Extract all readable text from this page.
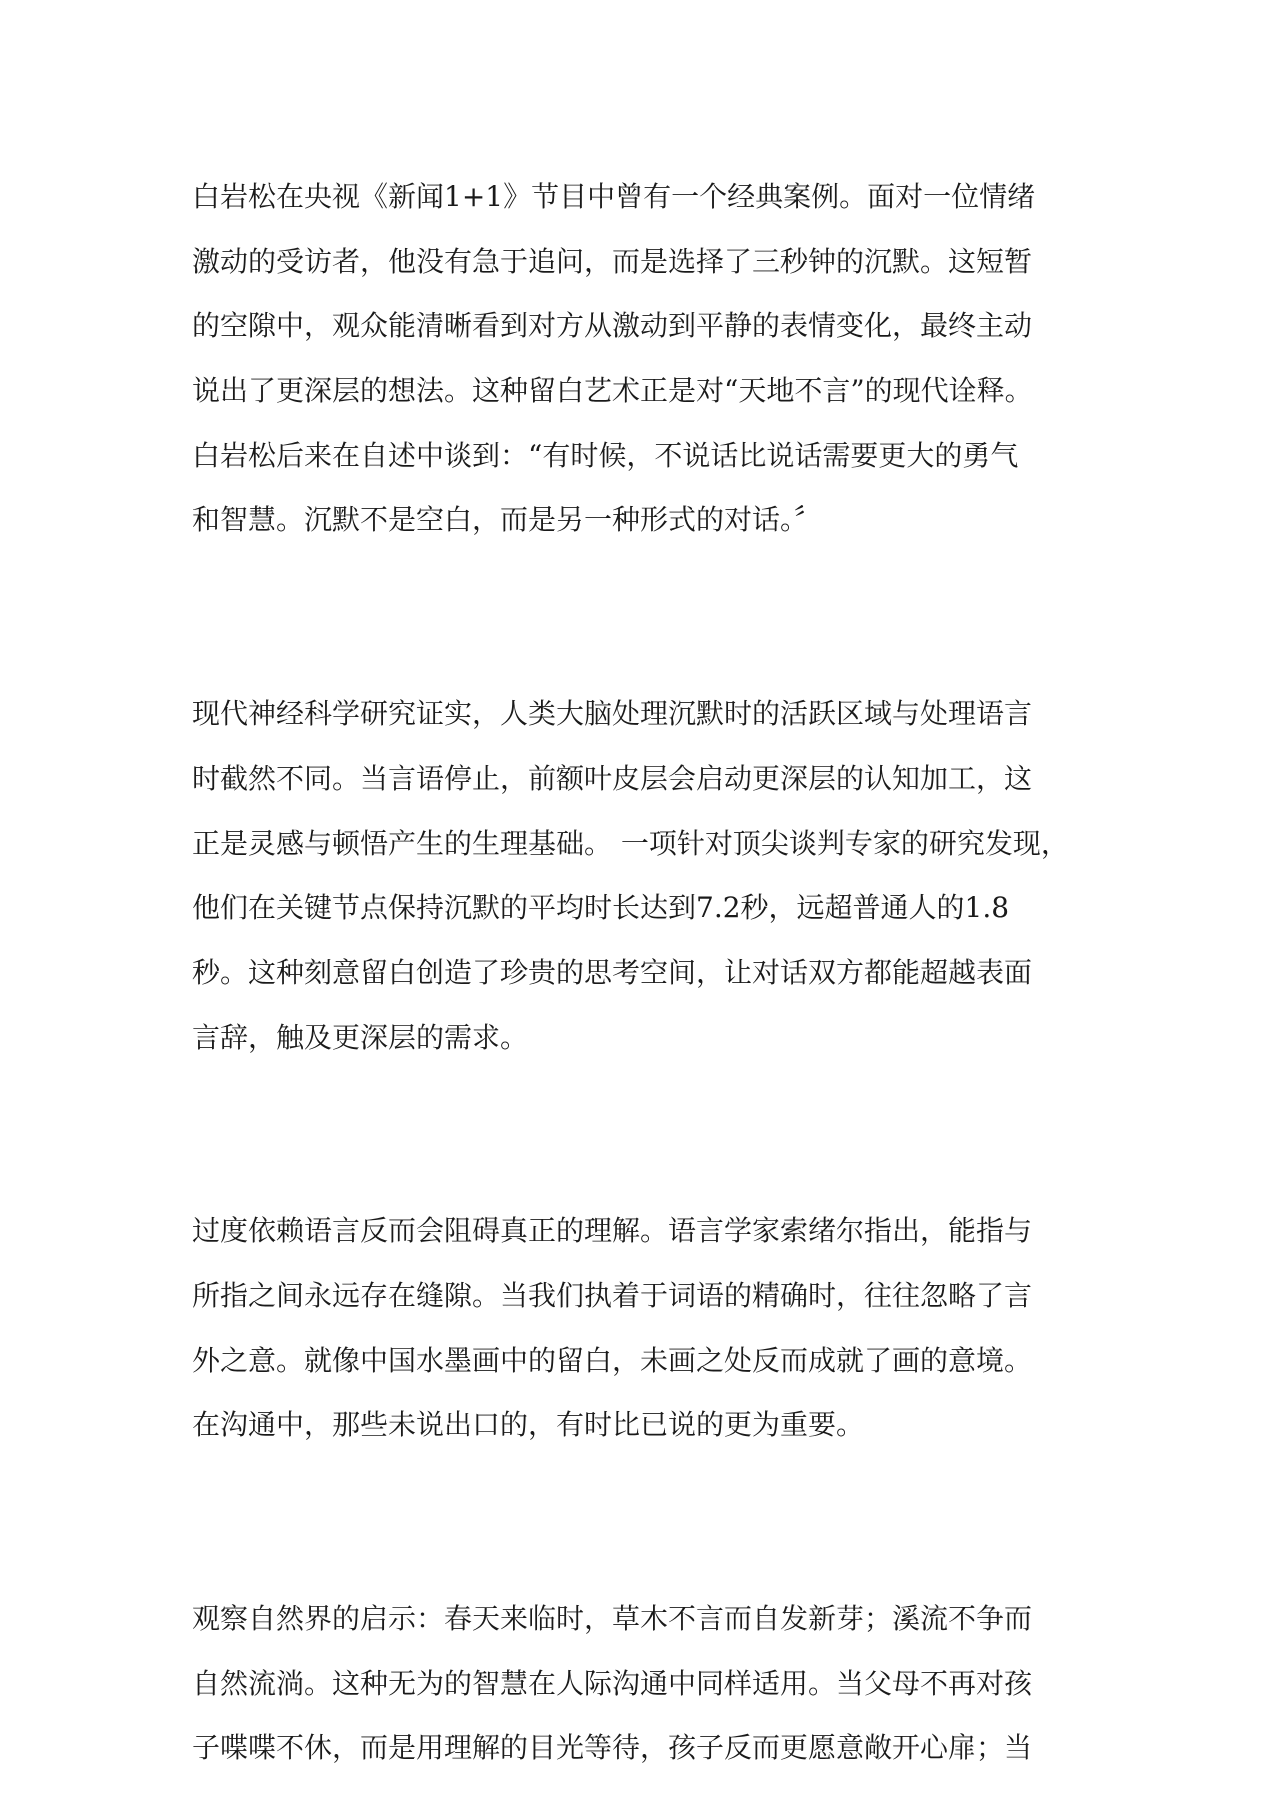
白岩松在央视《新闻1+1》节目中曾有一个经典案例。面对一位情绪
激动的受访者，他没有急于追问，而是选择了三秒钟的沉默。这短暂
的空隙中，观众能清晰看到对方从激动到平静的表情变化，最终主动
说出了更深层的想法。这种留白艺术正是对“天地不言”的现代诠释。
白岩松后来在自述中谈到：“有时候，不说话比说话需要更大的勇气
和智慧。沉默不是空白，而是另一种形式的对话。〞
现代神经科学研究证实，人类大脑处理沉默时的活跃区域与处理语言
时截然不同。当言语停止，前额叶皮层会启动更深层的认知加工，这
正是灵感与顿悟产生的生理基础。 一项针对顶尖谈判专家的研究发现，
他们在关键节点保持沉默的平均时长达到7.2秒，远超普通人的1.8
秒。这种刻意留白创造了珍贵的思考空间，让对话双方都能超越表面
言辞，触及更深层的需求。
过度依赖语言反而会阻碍真正的理解。语言学家索绪尔指出，能指与
所指之间永远存在缝隙。当我们执着于词语的精确时，往往忽略了言
外之意。就像中国水墨画中的留白，未画之处反而成就了画的意境。
在沟通中，那些未说出口的，有时比已说的更为重要。
观察自然界的启示：春天来临时，草木不言而自发新芽；溪流不争而
自然流淌。这种无为的智慧在人际沟通中同样适用。当父母不再对孩
子喋喋不休，而是用理解的目光等待，孩子反而更愿意敞开心扉；当
